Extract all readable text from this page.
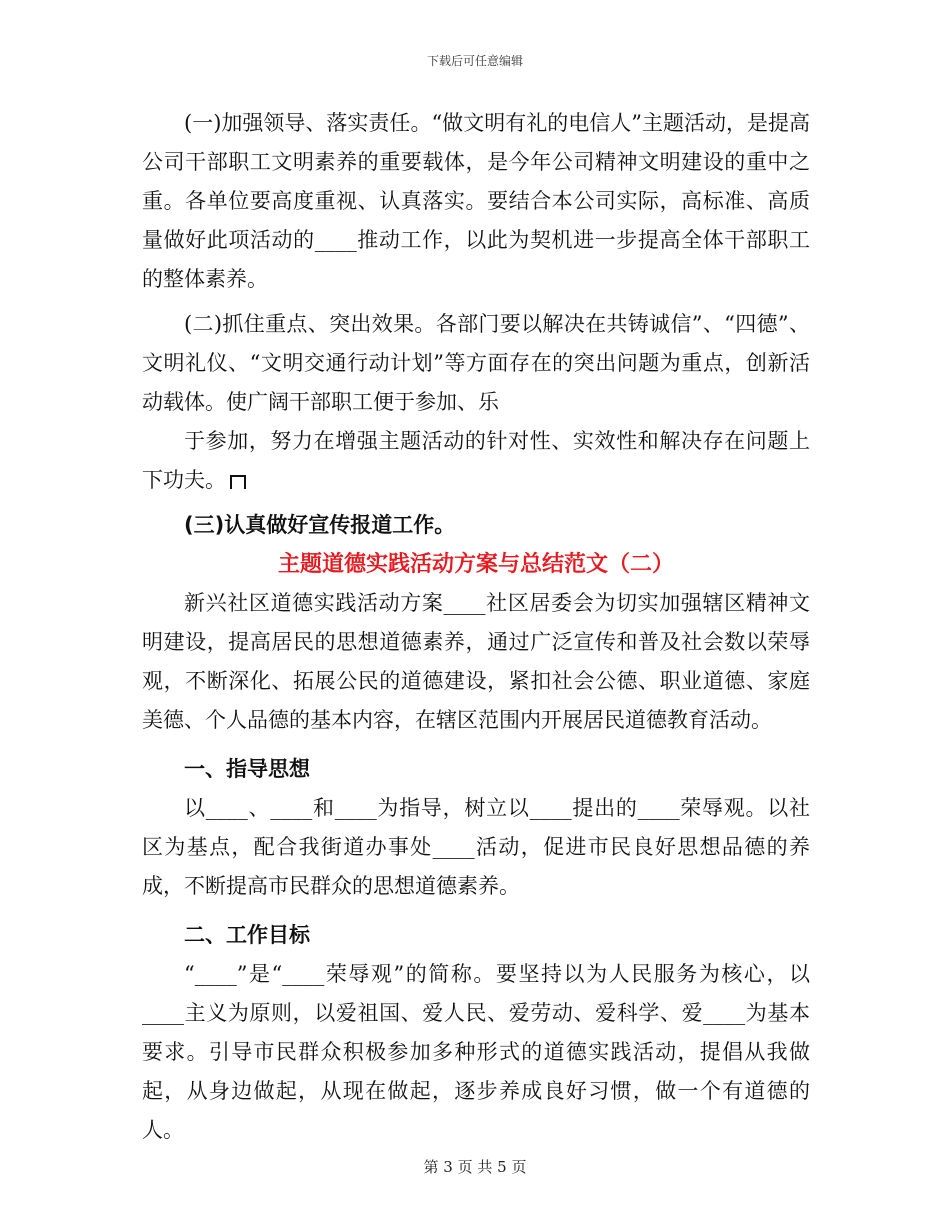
下载后可任意编辑

(一)加强领导、落实责任。“做文明有礼的电信人”主题活动，是提高公司干部职工文明素养的重要载体，是今年公司精神文明建设的重中之重。各单位要高度重视、认真落实。要结合本公司实际，高标准、高质量做好此项活动的____推动工作，以此为契机进一步提高全体干部职工的整体素养。

(二)抓住重点、突出效果。各部门要以解决在共铸诚信”、“四德”、文明礼仪、“文明交通行动计划”等方面存在的突出问题为重点，创新活动载体。使广阔干部职工便于参加、乐

于参加，努力在增强主题活动的针对性、实效性和解决存在问题上下功夫。

(三)认真做好宣传报道工作。

主题道德实践活动方案与总结范文（二）

新兴社区道德实践活动方案____社区居委会为切实加强辖区精神文明建设，提高居民的思想道德素养，通过广泛宣传和普及社会数以荣辱观，不断深化、拓展公民的道德建设，紧扣社会公德、职业道德、家庭美德、个人品德的基本内容，在辖区范围内开展居民道德教育活动。

一、指导思想

以____、____和____为指导，树立以____提出的____荣辱观。以社区为基点，配合我街道办事处____活动，促进市民良好思想品德的养成，不断提高市民群众的思想道德素养。

二、工作目标

“____”是“____荣辱观”的简称。要坚持以为人民服务为核心，以____主义为原则，以爱祖国、爱人民、爱劳动、爱科学、爱____为基本要求。引导市民群众积极参加多种形式的道德实践活动，提倡从我做起，从身边做起，从现在做起，逐步养成良好习惯，做一个有道德的人。

第 3 页 共 5 页
